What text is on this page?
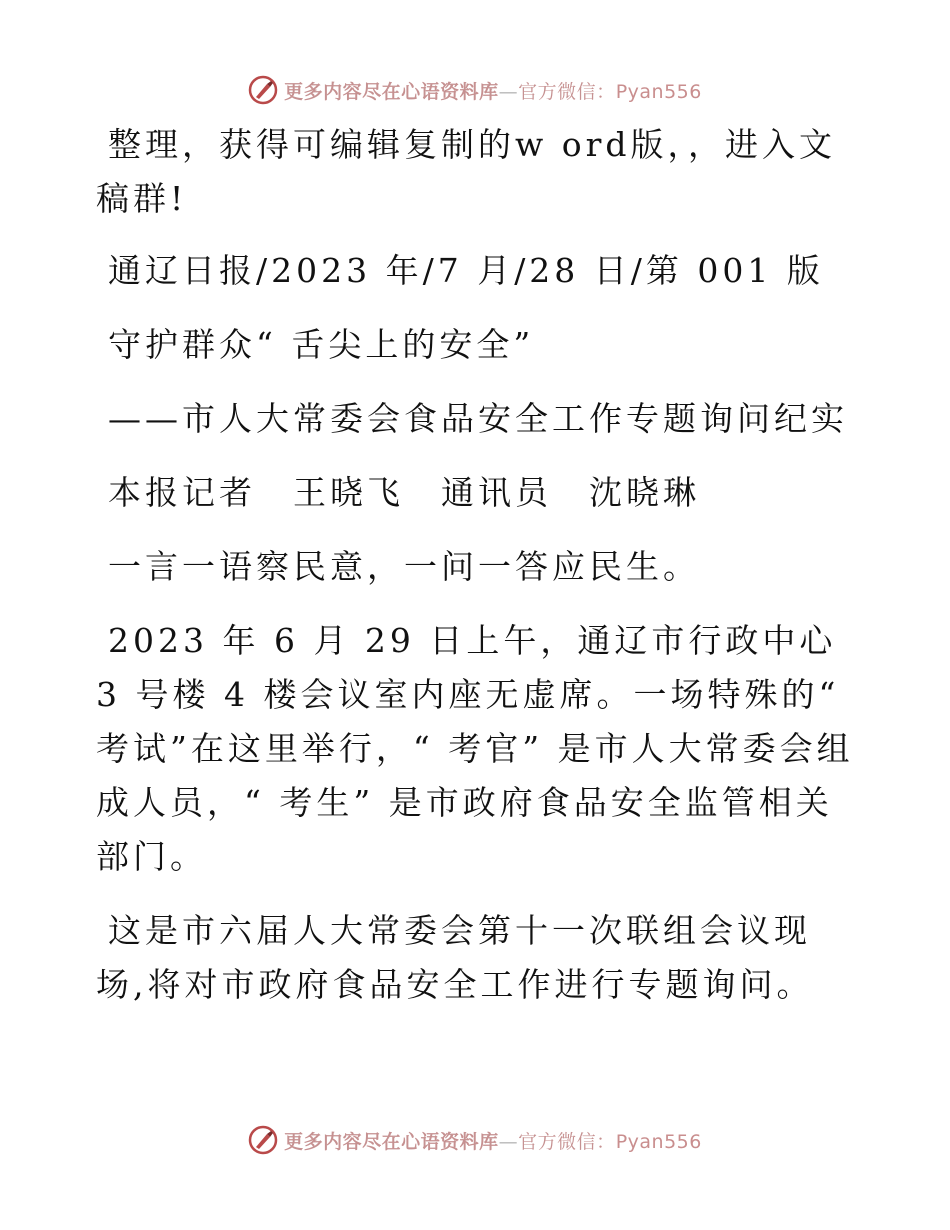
更多内容尽在心语资料库—官方微信：Pyan556

整理，获得可编辑复制的w ord版，，进入文稿群!

通辽日报/2023 年/7 月/28 日/第 001 版

守护群众“ 舌尖上的安全”

——市人大常委会食品安全工作专题询问纪实

本报记者　王晓飞　通讯员　沈晓琳

一言一语察民意，一问一答应民生。

2023 年 6 月 29 日上午，通辽市行政中心 3 号楼 4 楼会议室内座无虚席。一场特殊的“ 考试”在这里举行，“ 考官” 是市人大常委会组成人员，“ 考生” 是市政府食品安全监管相关部门。

这是市六届人大常委会第十一次联组会议现场,将对市政府食品安全工作进行专题询问。

更多内容尽在心语资料库—官方微信：Pyan556
